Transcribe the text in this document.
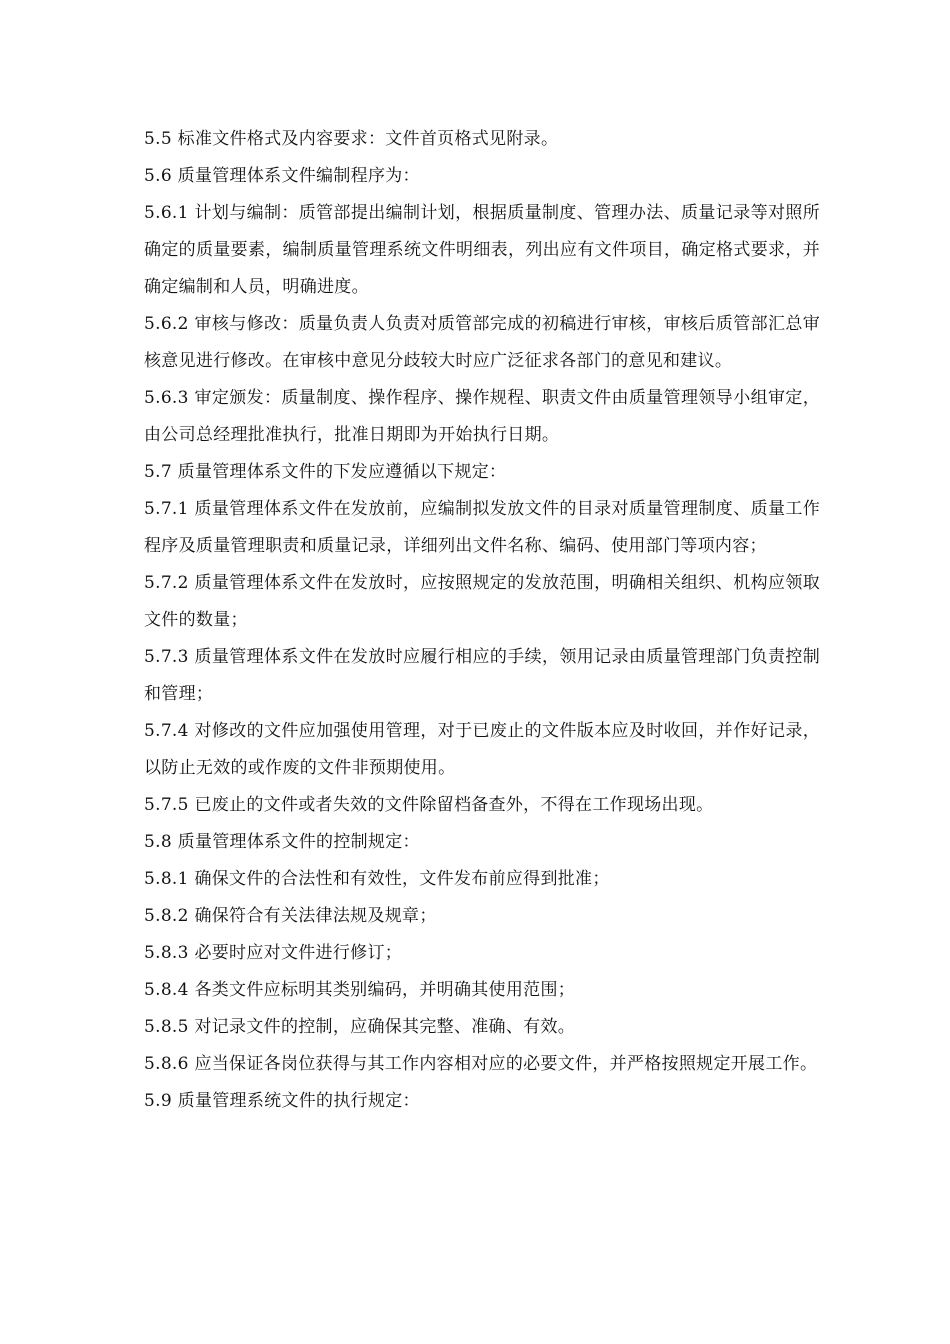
5.5 标准文件格式及内容要求：文件首页格式见附录。

5.6 质量管理体系文件编制程序为：

5.6.1 计划与编制：质管部提出编制计划，根据质量制度、管理办法、质量记录等对照所确定的质量要素，编制质量管理系统文件明细表，列出应有文件项目，确定格式要求，并确定编制和人员，明确进度。

5.6.2 审核与修改：质量负责人负责对质管部完成的初稿进行审核，审核后质管部汇总审核意见进行修改。在审核中意见分歧较大时应广泛征求各部门的意见和建议。

5.6.3 审定颁发：质量制度、操作程序、操作规程、职责文件由质量管理领导小组审定，由公司总经理批准执行，批准日期即为开始执行日期。

5.7 质量管理体系文件的下发应遵循以下规定：

5.7.1 质量管理体系文件在发放前，应编制拟发放文件的目录对质量管理制度、质量工作程序及质量管理职责和质量记录，详细列出文件名称、编码、使用部门等项内容；

5.7.2 质量管理体系文件在发放时，应按照规定的发放范围，明确相关组织、机构应领取文件的数量；

5.7.3 质量管理体系文件在发放时应履行相应的手续，领用记录由质量管理部门负责控制和管理；

5.7.4 对修改的文件应加强使用管理，对于已废止的文件版本应及时收回，并作好记录，以防止无效的或作废的文件非预期使用。

5.7.5 已废止的文件或者失效的文件除留档备查外，不得在工作现场出现。

5.8 质量管理体系文件的控制规定：

5.8.1 确保文件的合法性和有效性，文件发布前应得到批准；

5.8.2 确保符合有关法律法规及规章；

5.8.3 必要时应对文件进行修订；

5.8.4 各类文件应标明其类别编码，并明确其使用范围；

5.8.5 对记录文件的控制，应确保其完整、准确、有效。

5.8.6 应当保证各岗位获得与其工作内容相对应的必要文件，并严格按照规定开展工作。

5.9 质量管理系统文件的执行规定：
